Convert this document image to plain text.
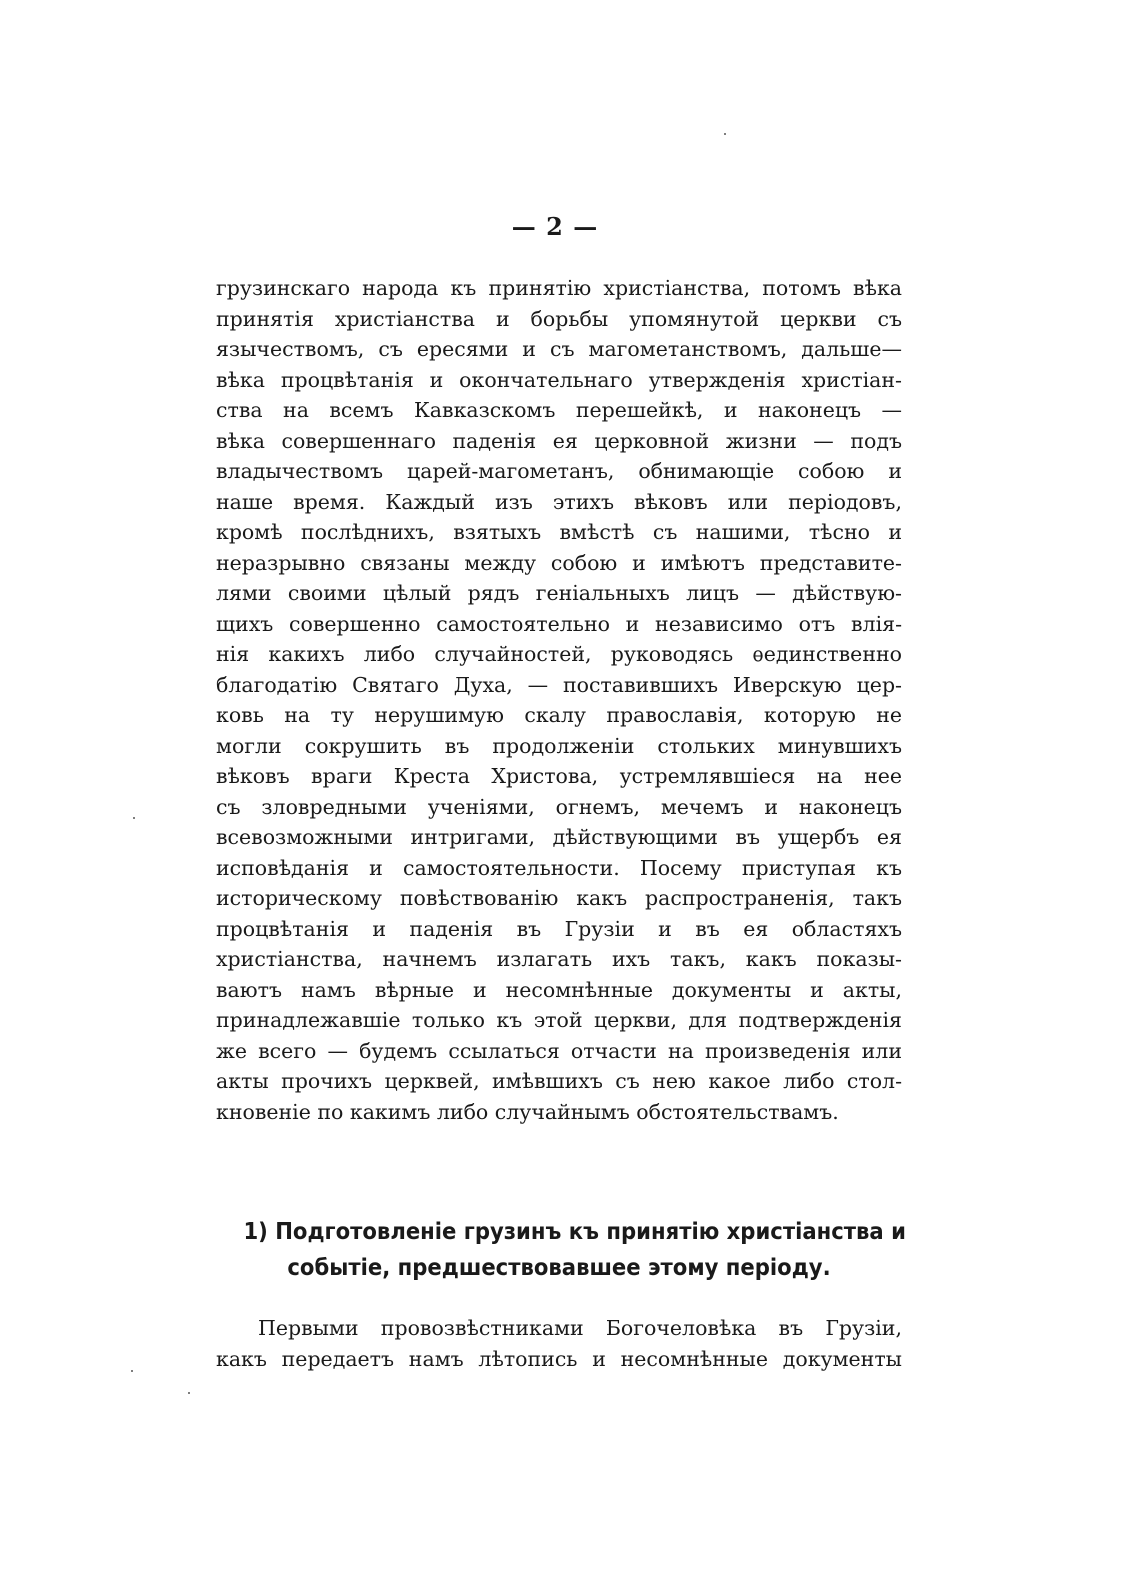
— 2 —
грузинскаго народа къ принятію христіанства, потомъ вѣка
принятія христіанства и борьбы упомянутой церкви съ
язычествомъ, съ ересями и съ магометанствомъ, дальше—
вѣка процвѣтанія и окончательнаго утвержденія христіан-
ства на всемъ Кавказскомъ перешейкѣ, и наконецъ —
вѣка совершеннаго паденія ея церковной жизни — подъ
владычествомъ царей-магометанъ, обнимающіе собою и
наше время. Каждый изъ этихъ вѣковъ или періодовъ,
кромѣ послѣднихъ, взятыхъ вмѣстѣ съ нашими, тѣсно и
неразрывно связаны между собою и имѣютъ представите-
лями своими цѣлый рядъ геніальныхъ лицъ — дѣйствую-
щихъ совершенно самостоятельно и независимо отъ влія-
нія какихъ либо случайностей, руководясь ѳединственно
благодатію Святаго Духа, — поставившихъ Иверскую цер-
ковь на ту нерушимую скалу православія, которую не
могли сокрушить въ продолженіи стольких минувшихъ
вѣковъ враги Креста Христова, устремлявшіеся на нее
съ зловредными ученіями, огнемъ, мечемъ и наконецъ
всевозможными интригами, дѣйствующими въ ущербъ ея
исповѣданія и самостоятельности. Посему приступая къ
историческому повѣствованію какъ распространенія, такъ
процвѣтанія и паденія въ Грузіи и въ ея областяхъ
христіанства, начнемъ излагать ихъ такъ, какъ показы-
ваютъ намъ вѣрные и несомнѣнные документы и акты,
принадлежавшіе только къ этой церкви, для подтвержденія
же всего — будемъ ссылаться отчасти на произведенія или
акты прочихъ церквей, имѣвшихъ съ нею какое либо стол-
кновеніе по какимъ либо случайнымъ обстоятельствамъ.
1) Подготовленіе грузинъ къ принятію христіанства и
событіе, предшествовавшее этому періоду.
Первыми провозвѣстниками Богочеловѣка въ Грузіи,
какъ передаетъ намъ лѣтопись и несомнѣнные документы
